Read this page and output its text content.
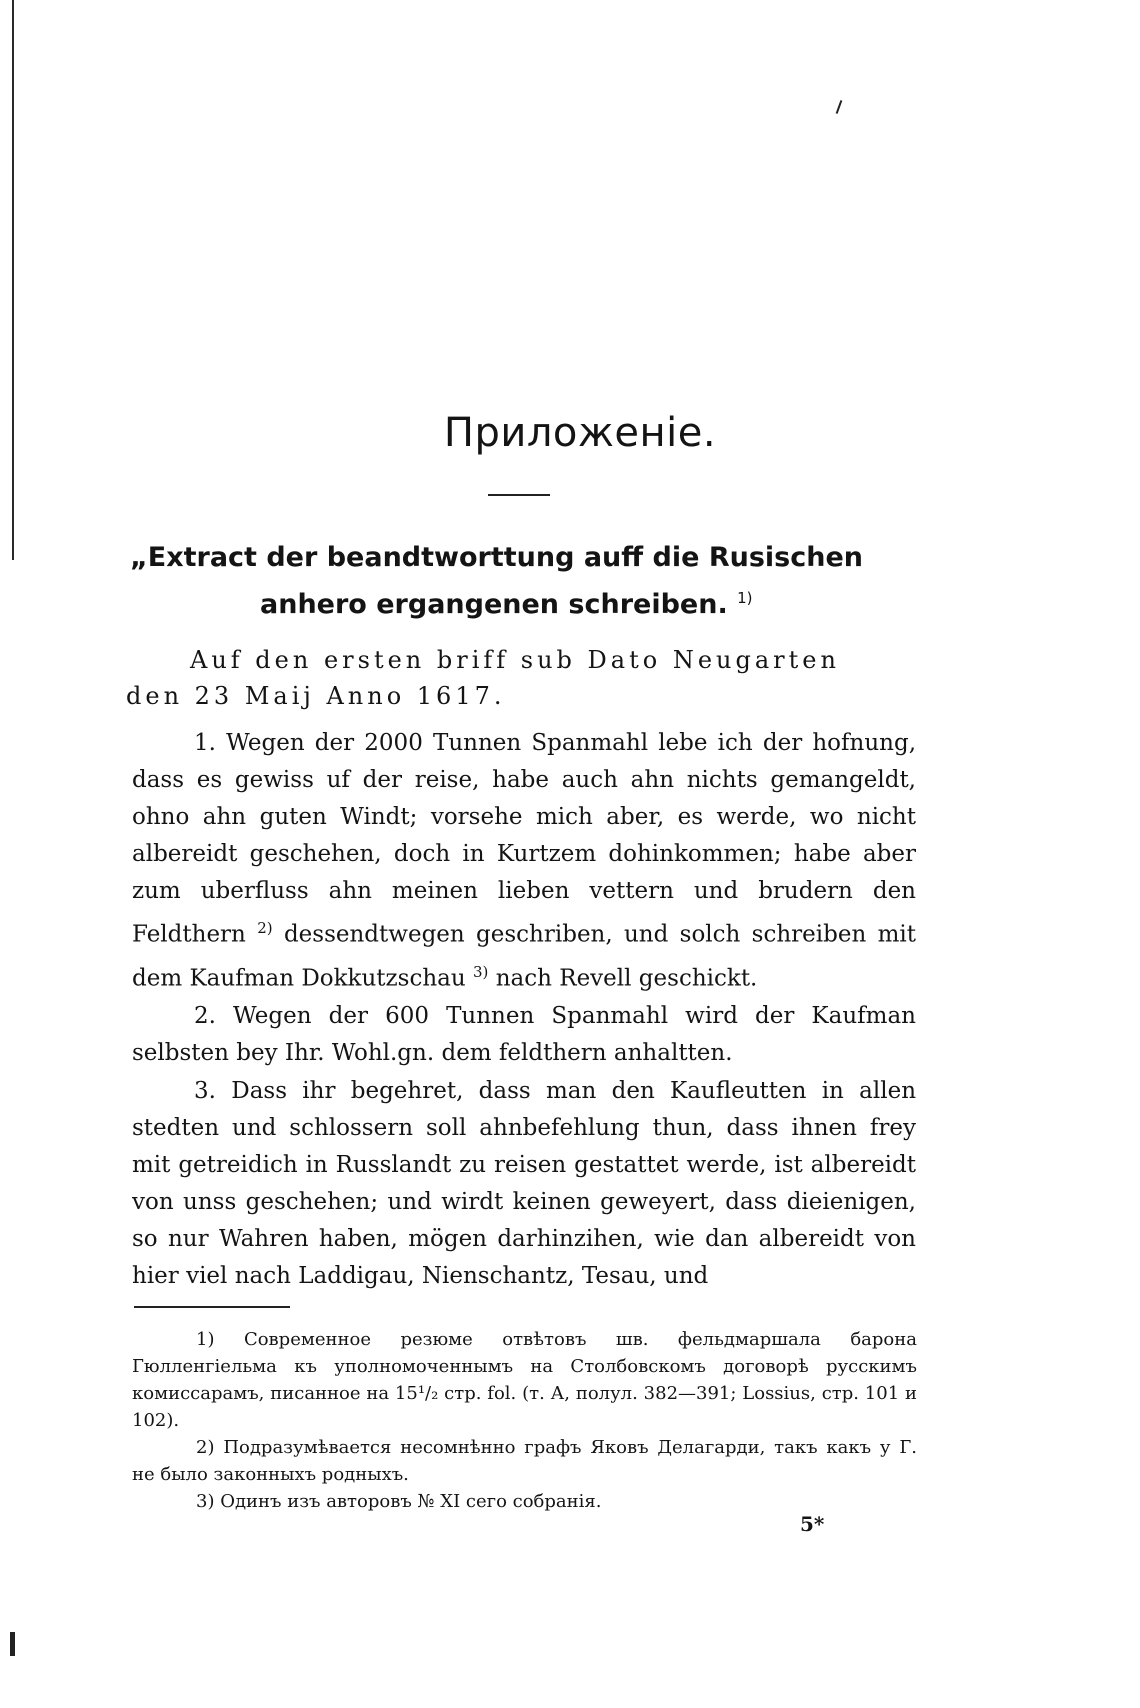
Приложеніе.
„Extract der beandtworttung auff die Rusischen
anhero ergangenen schreiben. $^{1)}$
Auf den ersten briff sub Dato Neugarten
den 23 Maij Anno 1617.

1. Wegen der 2000 Tunnen Spanmahl lebe ich der hofnung, dass es gewiss uf der reise, habe auch ahn nichts gemangeldt, ohno ahn guten Windt; vorsehe mich aber, es werde, wo nicht albereidt geschehen, doch in Kurtzem dohinkommen; habe aber zum uberfluss ahn meinen lieben vettern und brudern den Feldthern $^{2)}$ dessendtwegen geschriben, und solch schreiben mit dem Kaufman Dokkutzschau $^{3)}$ nach Revell geschickt.

2. Wegen der 600 Tunnen Spanmahl wird der Kaufman selbsten bey Ihr. Wohl.gn. dem feldthern anhaltten.

3. Dass ihr begehret, dass man den Kaufleutten in allen stedten und schlossern soll ahnbefehlung thun, dass ihnen frey mit getreidich in Russlandt zu reisen gestattet werde, ist albereidt von unss geschehen; und wirdt keinen geweyert, dass dieienigen, so nur Wahren haben, mögen darhinzihen, wie dan albereidt von hier viel nach Laddigau, Nienschantz, Tesau, und

1) Современное резюме отвѣтовъ шв. фельдмаршала барона Гюлленгіельма къ уполномоченнымъ на Столбовскомъ договорѣ русскимъ комиссарамъ, писанное на 15¹/₂ стр. fol. (т. А, полул. 382—391; Lossius, стр. 101 и 102).

2) Подразумѣвается несомнѣнно графъ Яковъ Делагарди, такъ какъ у Г. не было законныхъ родныхъ.

3) Одинъ изъ авторовъ № XI сего собранія.

5*
